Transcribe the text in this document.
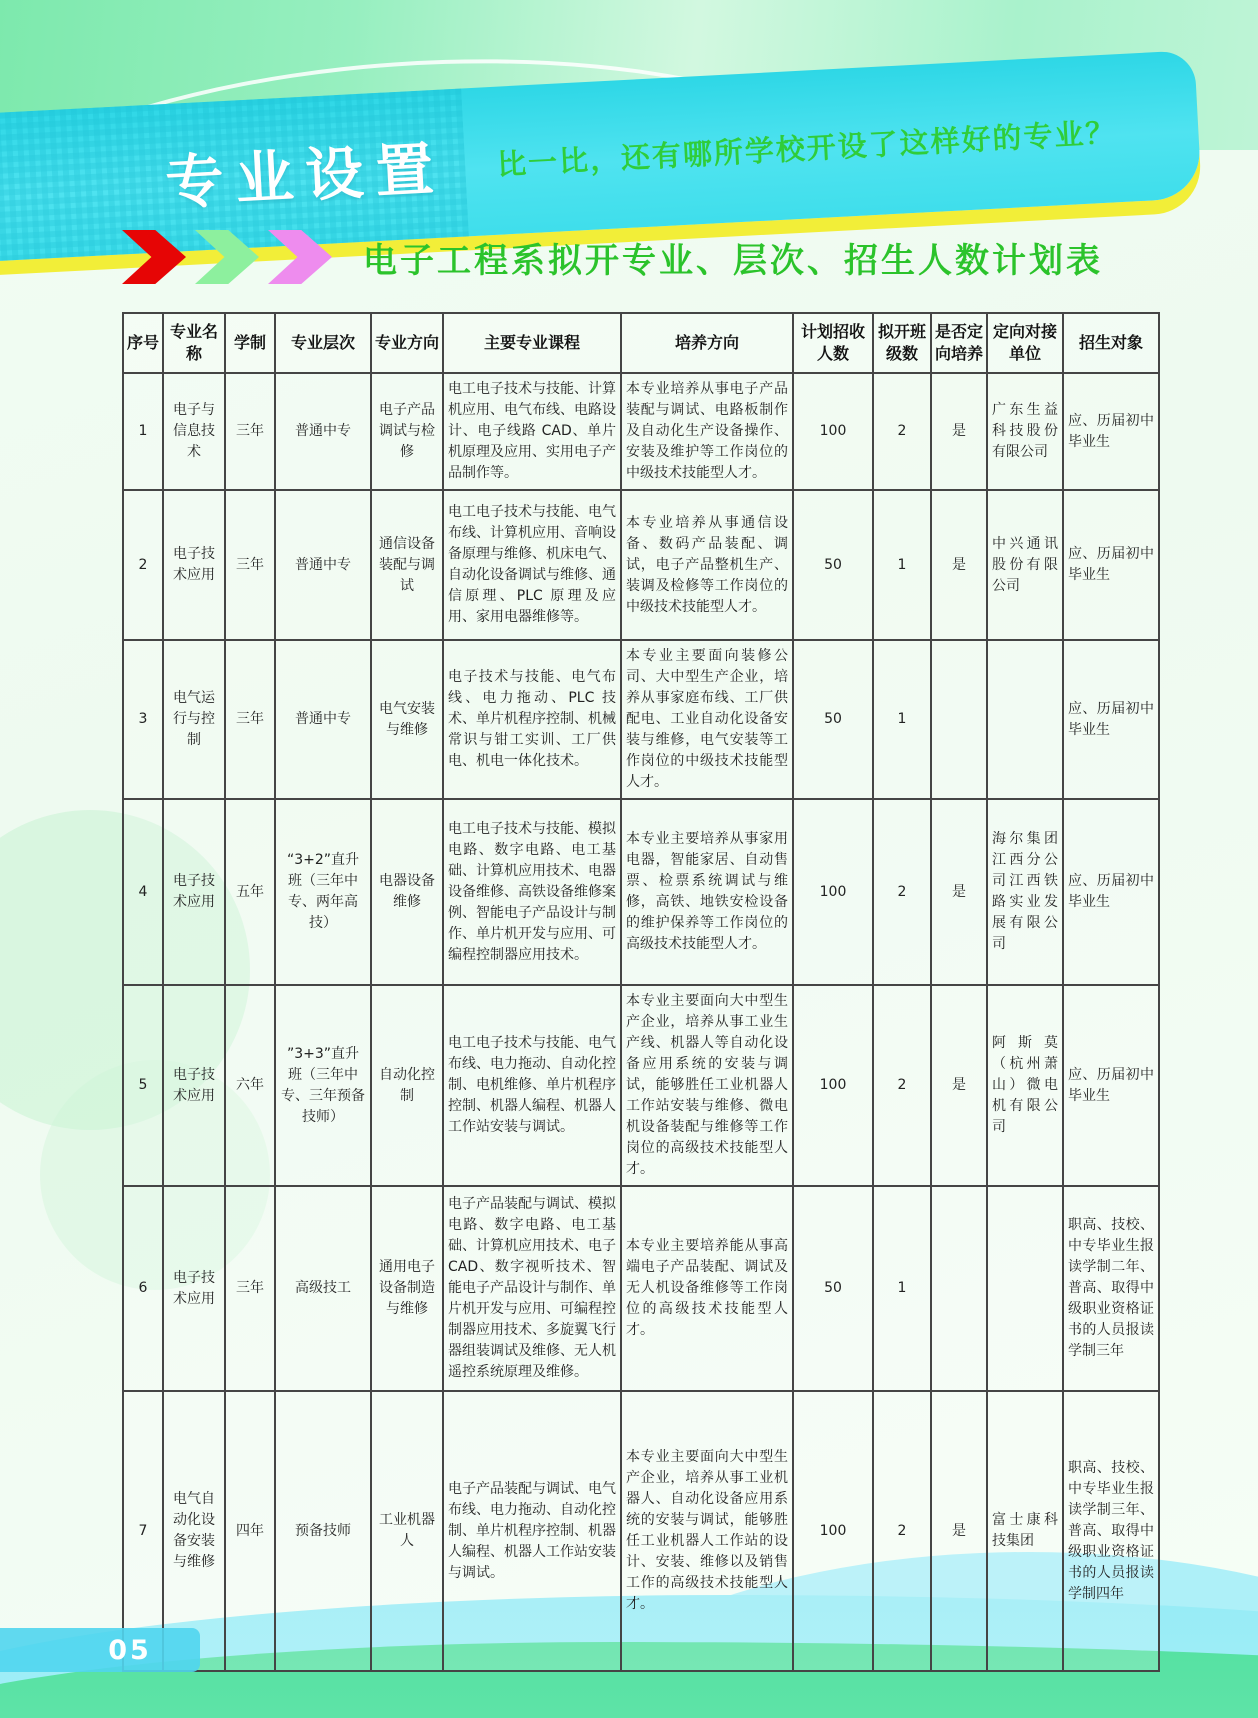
专业设置 比一比，还有哪所学校开设了这样好的专业？
电子工程系拟开专业、层次、招生人数计划表
序号	专业名称	学制	专业层次	专业方向	主要专业课程	培养方向	计划招收人数	拟开班级数	是否定向培养	定向对接单位	招生对象
1	电子与信息技术	三年	普通中专	电子产品调试与检修	电工电子技术与技能、计算机应用、电气布线、电路设计、电子线路 CAD、单片机原理及应用、实用电子产品制作等。	本专业培养从事电子产品装配与调试、电路板制作及自动化生产设备操作、安装及维护等工作岗位的中级技术技能型人才。	100	2	是	广东生益科技股份有限公司	应、历届初中毕业生
2	电子技术应用	三年	普通中专	通信设备装配与调试	电工电子技术与技能、电气布线、计算机应用、音响设备原理与维修、机床电气、自动化设备调试与维修、通信原理、PLC 原理及应用、家用电器维修等。	本专业培养从事通信设备、数码产品装配、调试，电子产品整机生产、装调及检修等工作岗位的中级技术技能型人才。	50	1	是	中兴通讯股份有限公司	应、历届初中毕业生
3	电气运行与控制	三年	普通中专	电气安装与维修	电子技术与技能、电气布线、电力拖动、PLC 技术、单片机程序控制、机械常识与钳工实训、工厂供电、机电一体化技术。	本专业主要面向装修公司、大中型生产企业，培养从事家庭布线、工厂供配电、工业自动化设备安装与维修，电气安装等工作岗位的中级技术技能型人才。	50	1			应、历届初中毕业生
4	电子技术应用	五年	“3+2”直升班（三年中专、两年高技）	电器设备维修	电工电子技术与技能、模拟电路、数字电路、电工基础、计算机应用技术、电器设备维修、高铁设备维修案例、智能电子产品设计与制作、单片机开发与应用、可编程控制器应用技术。	本专业主要培养从事家用电器，智能家居、自动售票、检票系统调试与维修，高铁、地铁安检设备的维护保养等工作岗位的高级技术技能型人才。	100	2	是	海尔集团江西分公司江西铁路实业发展有限公司	应、历届初中毕业生
5	电子技术应用	六年	”3+3”直升班（三年中专、三年预备技师）	自动化控制	电工电子技术与技能、电气布线、电力拖动、自动化控制、电机维修、单片机程序控制、机器人编程、机器人工作站安装与调试。	本专业主要面向大中型生产企业，培养从事工业生产线、机器人等自动化设备应用系统的安装与调试，能够胜任工业机器人工作站安装与维修、微电机设备装配与维修等工作岗位的高级技术技能型人才。	100	2	是	阿斯莫（杭州萧山）微电机有限公司	应、历届初中毕业生
6	电子技术应用	三年	高级技工	通用电子设备制造与维修	电子产品装配与调试、模拟电路、数字电路、电工基础、计算机应用技术、电子CAD、数字视听技术、智能电子产品设计与制作、单片机开发与应用、可编程控制器应用技术、多旋翼飞行器组装调试及维修、无人机遥控系统原理及维修。	本专业主要培养能从事高端电子产品装配、调试及无人机设备维修等工作岗位的高级技术技能型人才。	50	1			职高、技校、中专毕业生报读学制二年、普高、取得中级职业资格证书的人员报读学制三年
7	电气自动化设备安装与维修	四年	预备技师	工业机器人	电子产品装配与调试、电气布线、电力拖动、自动化控制、单片机程序控制、机器人编程、机器人工作站安装与调试。	本专业主要面向大中型生产企业，培养从事工业机器人、自动化设备应用系统的安装与调试，能够胜任工业机器人工作站的设计、安装、维修以及销售工作的高级技术技能型人才。	100	2	是	富士康科技集团	职高、技校、中专毕业生报读学制三年、普高、取得中级职业资格证书的人员报读学制四年
05
